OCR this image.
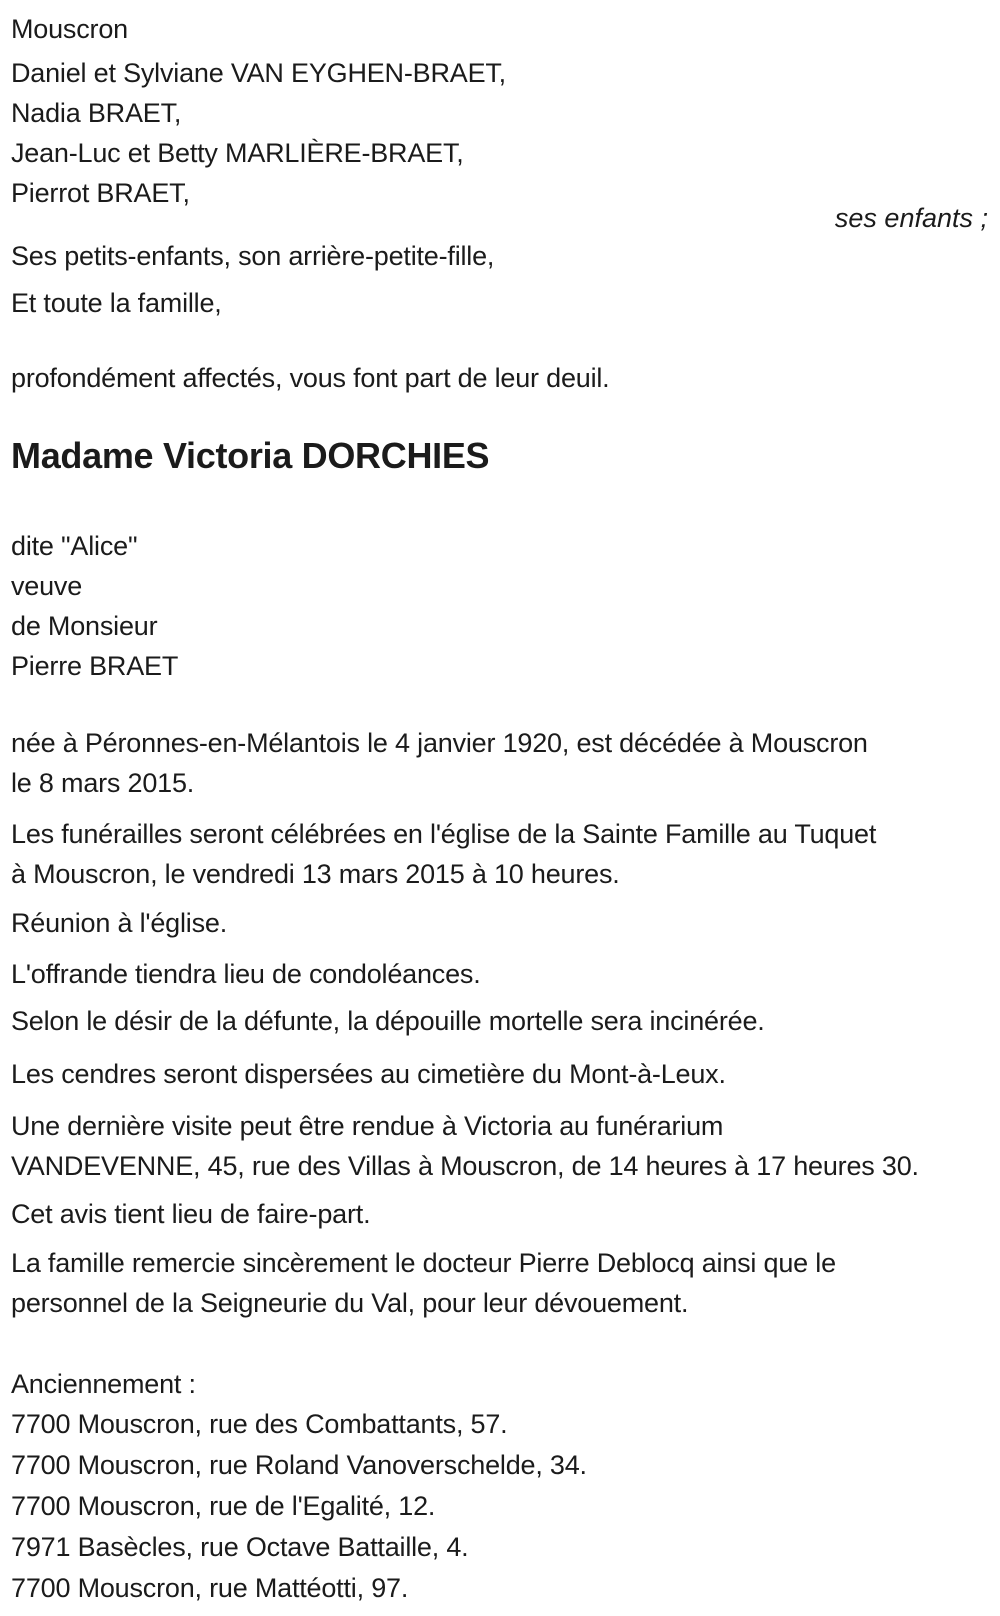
Mouscron

Daniel et Sylviane VAN EYGHEN-BRAET,
Nadia BRAET,
Jean-Luc et Betty MARLIÈRE-BRAET,
Pierrot BRAET,

ses enfants ;

Ses petits-enfants, son arrière-petite-fille,

Et toute la famille,

profondément affectés, vous font part de leur deuil.

Madame Victoria DORCHIES
dite "Alice"
veuve
de Monsieur
Pierre BRAET
née à Péronnes-en-Mélantois le 4 janvier 1920, est décédée à Mouscron
le 8 mars 2015.
Les funérailles seront célébrées en l'église de la Sainte Famille au Tuquet
à Mouscron, le vendredi 13 mars 2015 à 10 heures.
Réunion à l'église.
L'offrande tiendra lieu de condoléances.
Selon le désir de la défunte, la dépouille mortelle sera incinérée.
Les cendres seront dispersées au cimetière du Mont-à-Leux.
Une dernière visite peut être rendue à Victoria au funérarium
VANDEVENNE, 45, rue des Villas à Mouscron, de 14 heures à 17 heures 30.
Cet avis tient lieu de faire-part.
La famille remercie sincèrement le docteur Pierre Deblocq ainsi que le
personnel de la Seigneurie du Val, pour leur dévouement.

Anciennement :

7700 Mouscron, rue des Combattants, 57.
7700 Mouscron, rue Roland Vanoverschelde, 34.
7700 Mouscron, rue de l'Egalité, 12.
7971 Basècles, rue Octave Battaille, 4.
7700 Mouscron, rue Mattéotti, 97.
